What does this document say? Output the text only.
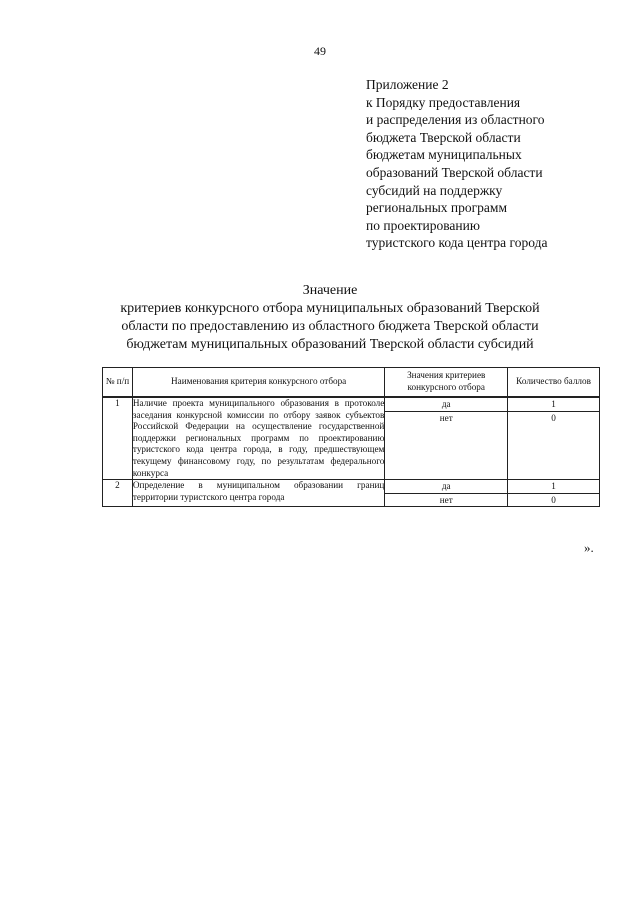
49
Приложение 2
к Порядку предоставления
и распределения из областного
бюджета Тверской области
бюджетам муниципальных
образований Тверской области
субсидий на поддержку
региональных программ
по проектированию
туристского кода центра города
Значение
критериев конкурсного отбора муниципальных образований Тверской
области по предоставлению из областного бюджета Тверской области
бюджетам муниципальных образований Тверской области субсидий
№ п/п	Наименования критерия конкурсного отбора	Значения критериев конкурсного отбора	Количество баллов
1	Наличие проекта муниципального образования в протоколе заседания конкурсной комиссии по отбору заявок субъектов Российской Федерации на осуществление государственной поддержки региональных программ по проектированию туристского кода центра города, в году, предшествующем текущему финансовому году, по результатам федерального конкурса	да	1
		нет	0
2	Определение в муниципальном образовании границ территории туристского центра города	да	1
		нет	0
».
